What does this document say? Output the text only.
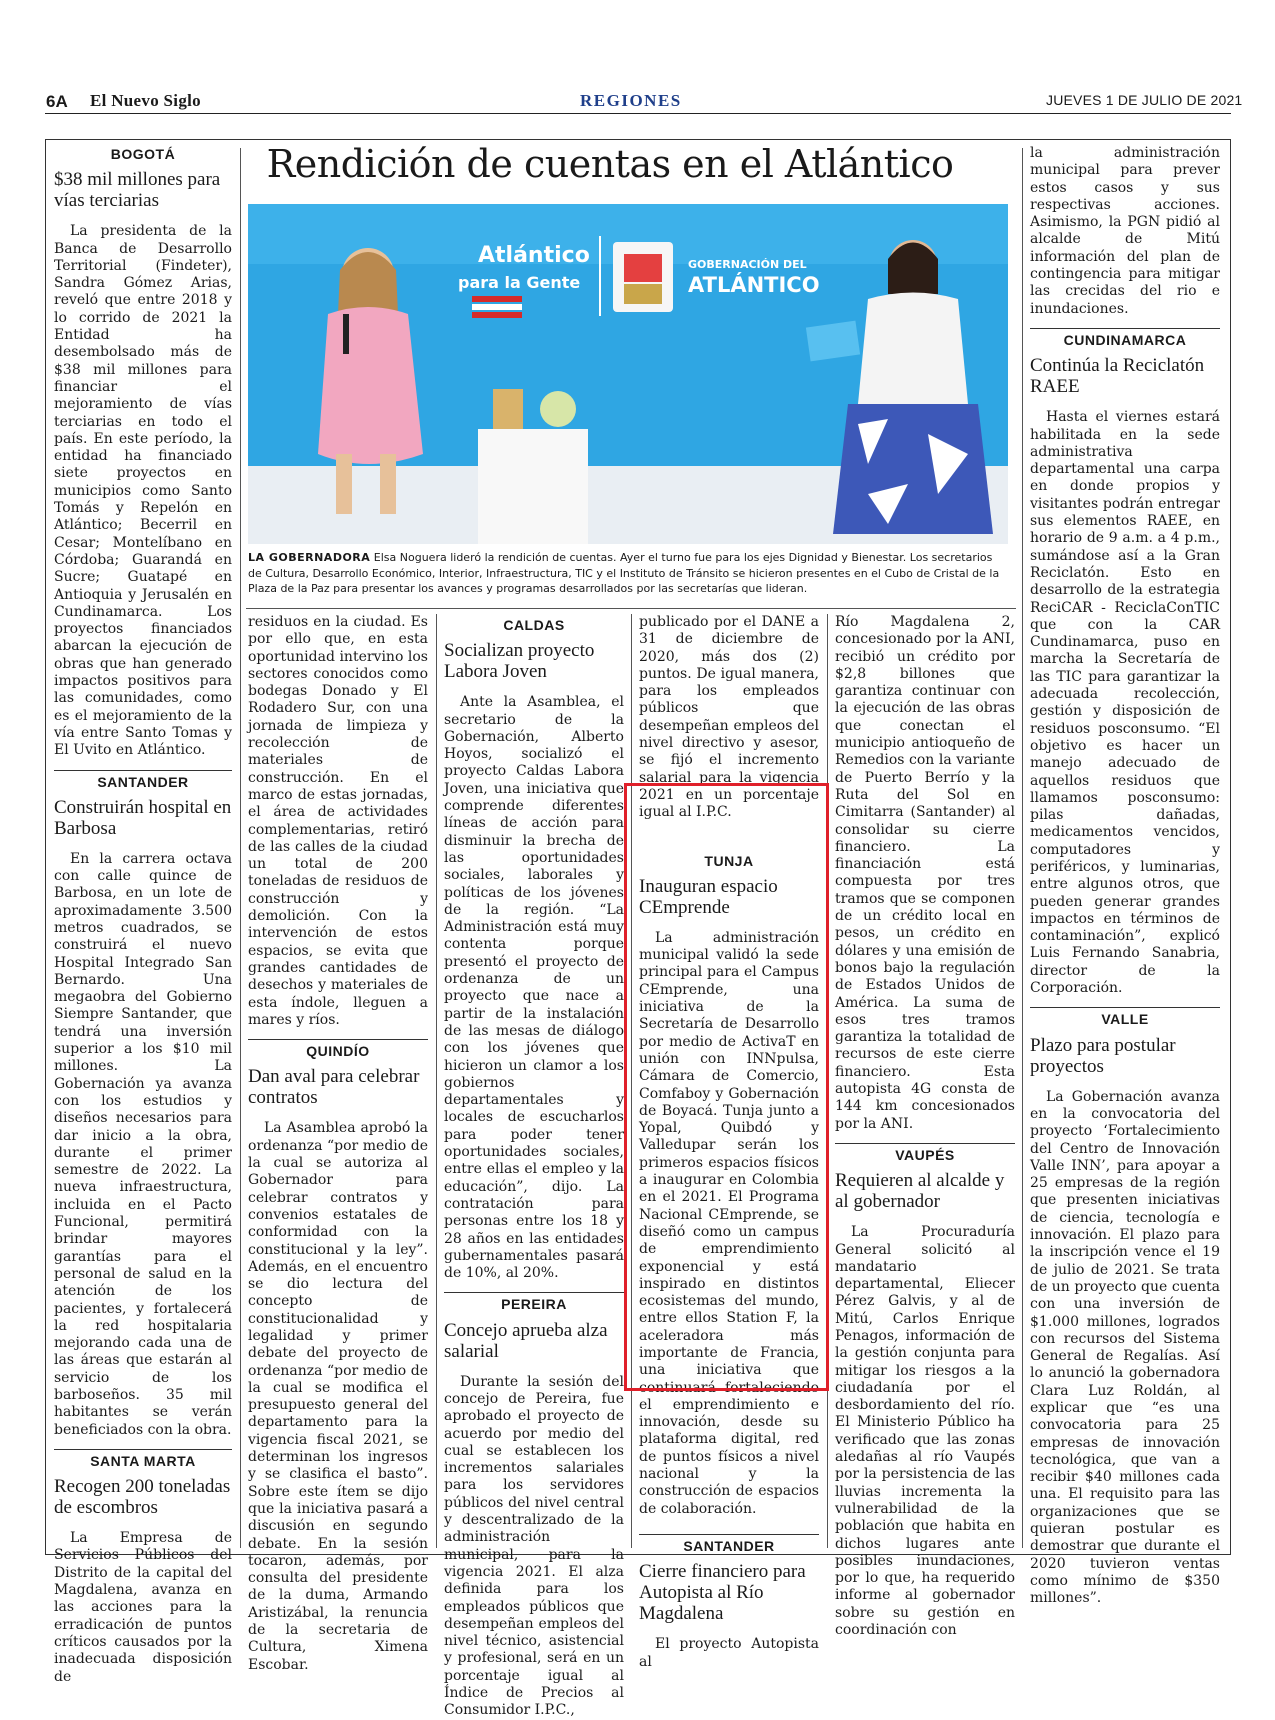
6A El Nuevo Siglo	REGIONES	JUEVES 1 DE JULIO DE 2021
Rendición de cuentas en el Atlántico
Atlántico
para la Gente
GOBERNACIÓN DEL
ATLÁNTICO
LA GOBERNADORA Elsa Noguera lideró la rendición de cuentas. Ayer el turno fue para los ejes Dignidad y Bienestar. Los secretarios de Cultura, Desarrollo Económico, Interior, Infraestructura, TIC y el Instituto de Tránsito se hicieron presentes en el Cubo de Cristal de la Plaza de la Paz para presentar los avances y programas desarrollados por las secretarías que lideran.
BOGOTÁ
$38 mil millones para vías terciarias

La presidenta de la Banca de Desarrollo Territorial (Findeter), Sandra Gómez Arias, reveló que entre 2018 y lo corrido de 2021 la Entidad ha desembolsado más de $38 mil millones para financiar el mejoramiento de vías terciarias en todo el país. En este período, la entidad ha financiado siete proyectos en municipios como Santo Tomás y Repelón en Atlántico; Becerril en Cesar; Montelíbano en Córdoba; Guarandá en Sucre; Guatapé en Antioquia y Jerusalén en Cundinamarca. Los proyectos financiados abarcan la ejecución de obras que han generado impactos positivos para las comunidades, como es el mejoramiento de la vía entre Santo Tomas y El Uvito en Atlántico.

SANTANDER
Construirán hospital en Barbosa

En la carrera octava con calle quince de Barbosa, en un lote de aproximadamente 3.500 metros cuadrados, se construirá el nuevo Hospital Integrado San Bernardo. Una megaobra del Gobierno Siempre Santander, que tendrá una inversión superior a los $10 mil millones. La Gobernación ya avanza con los estudios y diseños necesarios para dar inicio a la obra, durante el primer semestre de 2022. La nueva infraestructura, incluida en el Pacto Funcional, permitirá brindar mayores garantías para el personal de salud en la atención de los pacientes, y fortalecerá la red hospitalaria mejorando cada una de las áreas que estarán al servicio de los barboseños. 35 mil habitantes se verán beneficiados con la obra.

SANTA MARTA
Recogen 200 toneladas de escombros

La Empresa de Servicios Públicos del Distrito de la capital del Magdalena, avanza en las acciones para la erradicación de puntos críticos causados por la inadecuada disposición de

residuos en la ciudad. Es por ello que, en esta oportunidad intervino los sectores conocidos como bodegas Donado y El Rodadero Sur, con una jornada de limpieza y recolección de materiales de construcción. En el marco de estas jornadas, el área de actividades complementarias, retiró de las calles de la ciudad un total de 200 toneladas de residuos de construcción y demolición. Con la intervención de estos espacios, se evita que grandes cantidades de desechos y materiales de esta índole, lleguen a mares y ríos.

QUINDÍO
Dan aval para celebrar contratos

La Asamblea aprobó la ordenanza “por medio de la cual se autoriza al Gobernador para celebrar contratos y convenios estatales de conformidad con la constitucional y la ley”. Además, en el encuentro se dio lectura del concepto de constitucionalidad y legalidad y primer debate del proyecto de ordenanza “por medio de la cual se modifica el presupuesto general del departamento para la vigencia fiscal 2021, se determinan los ingresos y se clasifica el basto”. Sobre este ítem se dijo que la iniciativa pasará a discusión en segundo debate. En la sesión tocaron, además, por consulta del presidente de la duma, Armando Aristizábal, la renuncia de la secretaria de Cultura, Ximena Escobar.

CALDAS
Socializan proyecto Labora Joven

Ante la Asamblea, el secretario de la Gobernación, Alberto Hoyos, socializó el proyecto Caldas Labora Joven, una iniciativa que comprende diferentes líneas de acción para disminuir la brecha de las oportunidades sociales, laborales y políticas de los jóvenes de la región. “La Administración está muy contenta porque presentó el proyecto de ordenanza de un proyecto que nace a partir de la instalación de las mesas de diálogo con los jóvenes que hicieron un clamor a los gobiernos departamentales y locales de escucharlos para poder tener oportunidades sociales, entre ellas el empleo y la educación”, dijo. La contratación para personas entre los 18 y 28 años en las entidades gubernamentales pasará de 10%, al 20%.

PEREIRA
Concejo aprueba alza salarial

Durante la sesión del concejo de Pereira, fue aprobado el proyecto de acuerdo por medio del cual se establecen los incrementos salariales para los servidores públicos del nivel central y descentralizado de la administración municipal, para la vigencia 2021. El alza definida para los empleados públicos que desempeñan empleos del nivel técnico, asistencial y profesional, será en un porcentaje igual al Índice de Precios al Consumidor I.P.C.,

publicado por el DANE a 31 de diciembre de 2020, más dos (2) puntos. De igual manera, para los empleados públicos que desempeñan empleos del nivel directivo y asesor, se fijó el incremento salarial para la vigencia 2021 en un porcentaje igual al I.P.C.

TUNJA
Inauguran espacio CEmprende

La administración municipal validó la sede principal para el Campus CEmprende, una iniciativa de la Secretaría de Desarrollo por medio de ActivaT en unión con INNpulsa, Cámara de Comercio, Comfaboy y Gobernación de Boyacá. Tunja junto a Yopal, Quibdó y Valledupar serán los primeros espacios físicos a inaugurar en Colombia en el 2021. El Programa Nacional CEmprende, se diseñó como un campus de emprendimiento exponencial y está inspirado en distintos ecosistemas del mundo, entre ellos Station F, la aceleradora más importante de Francia, una iniciativa que continuará fortaleciendo el emprendimiento e innovación, desde su plataforma digital, red de puntos físicos a nivel nacional y la construcción de espacios de colaboración.

SANTANDER
Cierre financiero para Autopista al Río Magdalena

El proyecto Autopista al

Río Magdalena 2, concesionado por la ANI, recibió un crédito por $2,8 billones que garantiza continuar con la ejecución de las obras que conectan el municipio antioqueño de Remedios con la variante de Puerto Berrío y la Ruta del Sol en Cimitarra (Santander) al consolidar su cierre financiero. La financiación está compuesta por tres tramos que se componen de un crédito local en pesos, un crédito en dólares y una emisión de bonos bajo la regulación de Estados Unidos de América. La suma de esos tres tramos garantiza la totalidad de recursos de este cierre financiero. Esta autopista 4G consta de 144 km concesionados por la ANI.

VAUPÉS
Requieren al alcalde y al gobernador

La Procuraduría General solicitó al mandatario departamental, Eliecer Pérez Galvis, y al de Mitú, Carlos Enrique Penagos, información de la gestión conjunta para mitigar los riesgos a la ciudadanía por el desbordamiento del río. El Ministerio Público ha verificado que las zonas aledañas al río Vaupés por la persistencia de las lluvias incrementa la vulnerabilidad de la población que habita en dichos lugares ante posibles inundaciones, por lo que, ha requerido informe al gobernador sobre su gestión en coordinación con

la administración municipal para prever estos casos y sus respectivas acciones. Asimismo, la PGN pidió al alcalde de Mitú información del plan de contingencia para mitigar las crecidas del rio e inundaciones.

CUNDINAMARCA
Continúa la Reciclatón RAEE

Hasta el viernes estará habilitada en la sede administrativa departamental una carpa en donde propios y visitantes podrán entregar sus elementos RAEE, en horario de 9 a.m. a 4 p.m., sumándose así a la Gran Reciclatón. Esto en desarrollo de la estrategia ReciCAR - ReciclaConTIC que con la CAR Cundinamarca, puso en marcha la Secretaría de las TIC para garantizar la adecuada recolección, gestión y disposición de residuos posconsumo. “El objetivo es hacer un manejo adecuado de aquellos residuos que llamamos posconsumo: pilas dañadas, medicamentos vencidos, computadores y periféricos, y luminarias, entre algunos otros, que pueden generar grandes impactos en términos de contaminación”, explicó Luis Fernando Sanabria, director de la Corporación.

VALLE
Plazo para postular proyectos

La Gobernación avanza en la convocatoria del proyecto ‘Fortalecimiento del Centro de Innovación Valle INN’, para apoyar a 25 empresas de la región que presenten iniciativas de ciencia, tecnología e innovación. El plazo para la inscripción vence el 19 de julio de 2021. Se trata de un proyecto que cuenta con una inversión de $1.000 millones, logrados con recursos del Sistema General de Regalías. Así lo anunció la gobernadora Clara Luz Roldán, al explicar que “es una convocatoria para 25 empresas de innovación tecnológica, que van a recibir $40 millones cada una. El requisito para las organizaciones que se quieran postular es demostrar que durante el 2020 tuvieron ventas como mínimo de $350 millones”.
